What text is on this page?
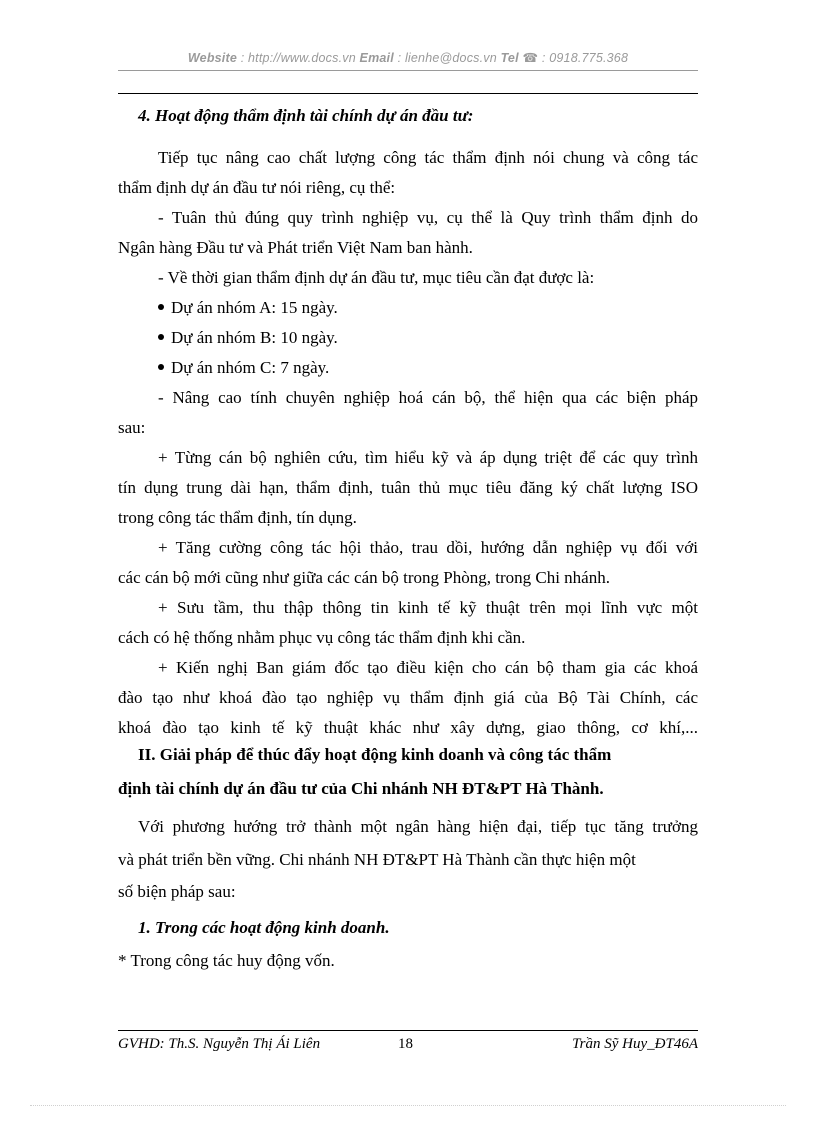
Website : http://www.docs.vn Email : lienhe@docs.vn Tel ☎ : 0918.775.368
4. Hoạt động thẩm định tài chính dự án đầu tư:
Tiếp tục nâng cao chất lượng công tác thẩm định nói chung và công tác
thẩm định dự án đầu tư nói riêng, cụ thể:
- Tuân thủ đúng quy trình nghiệp vụ, cụ thể là Quy trình thẩm định do
Ngân hàng Đầu tư và Phát triển Việt Nam ban hành.
- Về thời gian thẩm định dự án đầu tư, mục tiêu cần đạt được là:
Dự án nhóm A: 15 ngày.
Dự án nhóm B: 10 ngày.
Dự án nhóm C: 7 ngày.
- Nâng cao tính chuyên nghiệp hoá cán bộ, thể hiện qua các biện pháp
sau:
+ Từng cán bộ nghiên cứu, tìm hiểu kỹ và áp dụng triệt để các quy trình
tín dụng trung dài hạn, thẩm định, tuân thủ mục tiêu đăng ký chất lượng ISO
trong công tác thẩm định, tín dụng.
+ Tăng cường công tác hội thảo, trau dồi, hướng dẫn nghiệp vụ đối với
các cán bộ mới cũng như giữa các cán bộ trong Phòng, trong Chi nhánh.
+ Sưu tầm, thu thập thông tin kinh tế kỹ thuật trên mọi lĩnh vực một
cách có hệ thống nhằm phục vụ công tác thẩm định khi cần.
+ Kiến nghị Ban giám đốc tạo điều kiện cho cán bộ tham gia các khoá
đào tạo như khoá đào tạo nghiệp vụ thẩm định giá của Bộ Tài Chính, các
khoá đào tạo kinh tế kỹ thuật khác như xây dựng, giao thông, cơ khí,...
II. Giải pháp để thúc đẩy hoạt động kinh doanh và công tác thẩm
định tài chính dự án đầu tư của Chi nhánh NH ĐT&PT Hà Thành.
Với phương hướng trở thành một ngân hàng hiện đại, tiếp tục tăng trưởng
và phát triển bền vững. Chi nhánh NH ĐT&PT Hà Thành cần thực hiện một
số biện pháp sau:
1. Trong các hoạt động kinh doanh.
* Trong công tác huy động vốn.
GVHD: Th.S. Nguyễn Thị Ái Liên	18	Trần Sỹ Huy_ĐT46A
